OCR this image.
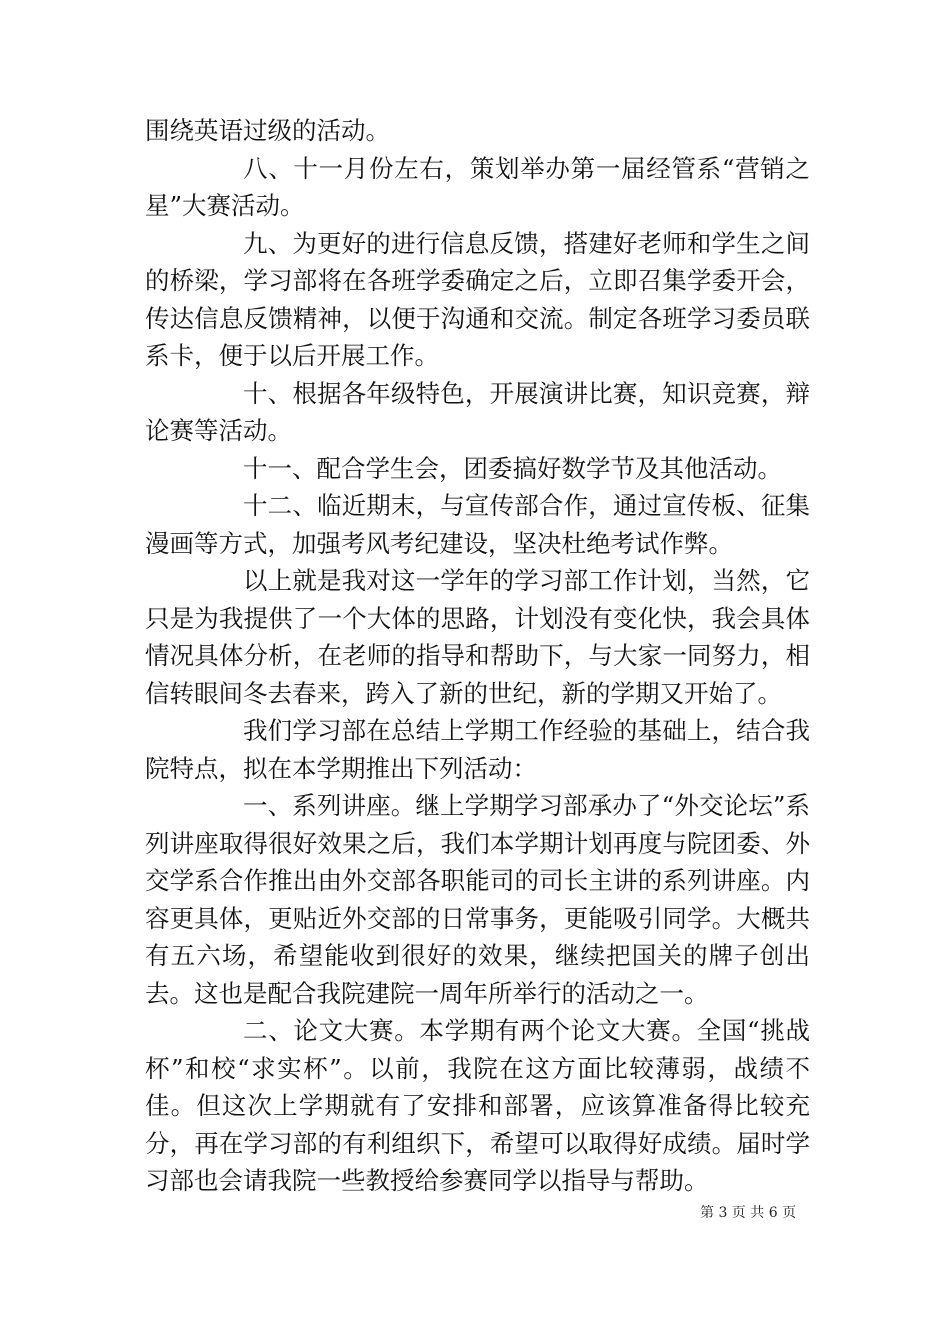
围绕英语过级的活动。

八、十一月份左右，策划举办第一届经管系“营销之星”大赛活动。

九、为更好的进行信息反馈，搭建好老师和学生之间的桥梁，学习部将在各班学委确定之后，立即召集学委开会，传达信息反馈精神，以便于沟通和交流。制定各班学习委员联系卡，便于以后开展工作。

十、根据各年级特色，开展演讲比赛，知识竞赛，辩论赛等活动。

十一、配合学生会，团委搞好数学节及其他活动。

十二、临近期末，与宣传部合作，通过宣传板、征集漫画等方式，加强考风考纪建设，坚决杜绝考试作弊。

以上就是我对这一学年的学习部工作计划，当然，它只是为我提供了一个大体的思路，计划没有变化快，我会具体情况具体分析，在老师的指导和帮助下，与大家一同努力，相信转眼间冬去春来，跨入了新的世纪，新的学期又开始了。

我们学习部在总结上学期工作经验的基础上，结合我院特点，拟在本学期推出下列活动：

一、系列讲座。继上学期学习部承办了“外交论坛”系列讲座取得很好效果之后，我们本学期计划再度与院团委、外交学系合作推出由外交部各职能司的司长主讲的系列讲座。内容更具体，更贴近外交部的日常事务，更能吸引同学。大概共有五六场，希望能收到很好的效果，继续把国关的牌子创出去。这也是配合我院建院一周年所举行的活动之一。

二、论文大赛。本学期有两个论文大赛。全国“挑战杯”和校“求实杯”。以前，我院在这方面比较薄弱，战绩不佳。但这次上学期就有了安排和部署，应该算准备得比较充分，再在学习部的有利组织下，希望可以取得好成绩。届时学习部也会请我院一些教授给参赛同学以指导与帮助。

第 3 页 共 6 页
